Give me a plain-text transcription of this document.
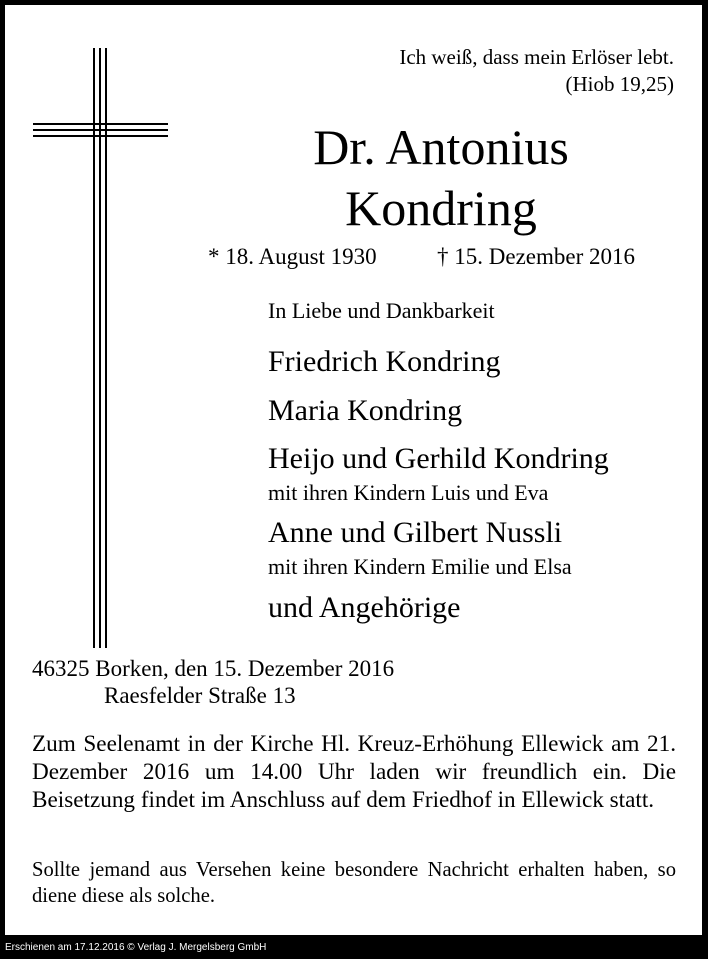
Ich weiß, dass mein Erlöser lebt.
(Hiob 19,25)
Dr. Antonius
Kondring
* 18. August 1930	† 15. Dezember 2016
In Liebe und Dankbarkeit
Friedrich Kondring
Maria Kondring
Heijo und Gerhild Kondring
mit ihren Kindern Luis und Eva
Anne und Gilbert Nussli
mit ihren Kindern Emilie und Elsa
und Angehörige
46325 Borken, den 15. Dezember 2016
Raesfelder Straße 13
Zum Seelenamt in der Kirche Hl. Kreuz-Erhöhung Ellewick am 21. Dezember 2016 um 14.00 Uhr laden wir freundlich ein. Die Beisetzung findet im Anschluss auf dem Friedhof in Ellewick statt.
Sollte jemand aus Versehen keine besondere Nachricht erhalten haben, so diene diese als solche.
Erschienen am 17.12.2016 © Verlag J. Mergelsberg GmbH
